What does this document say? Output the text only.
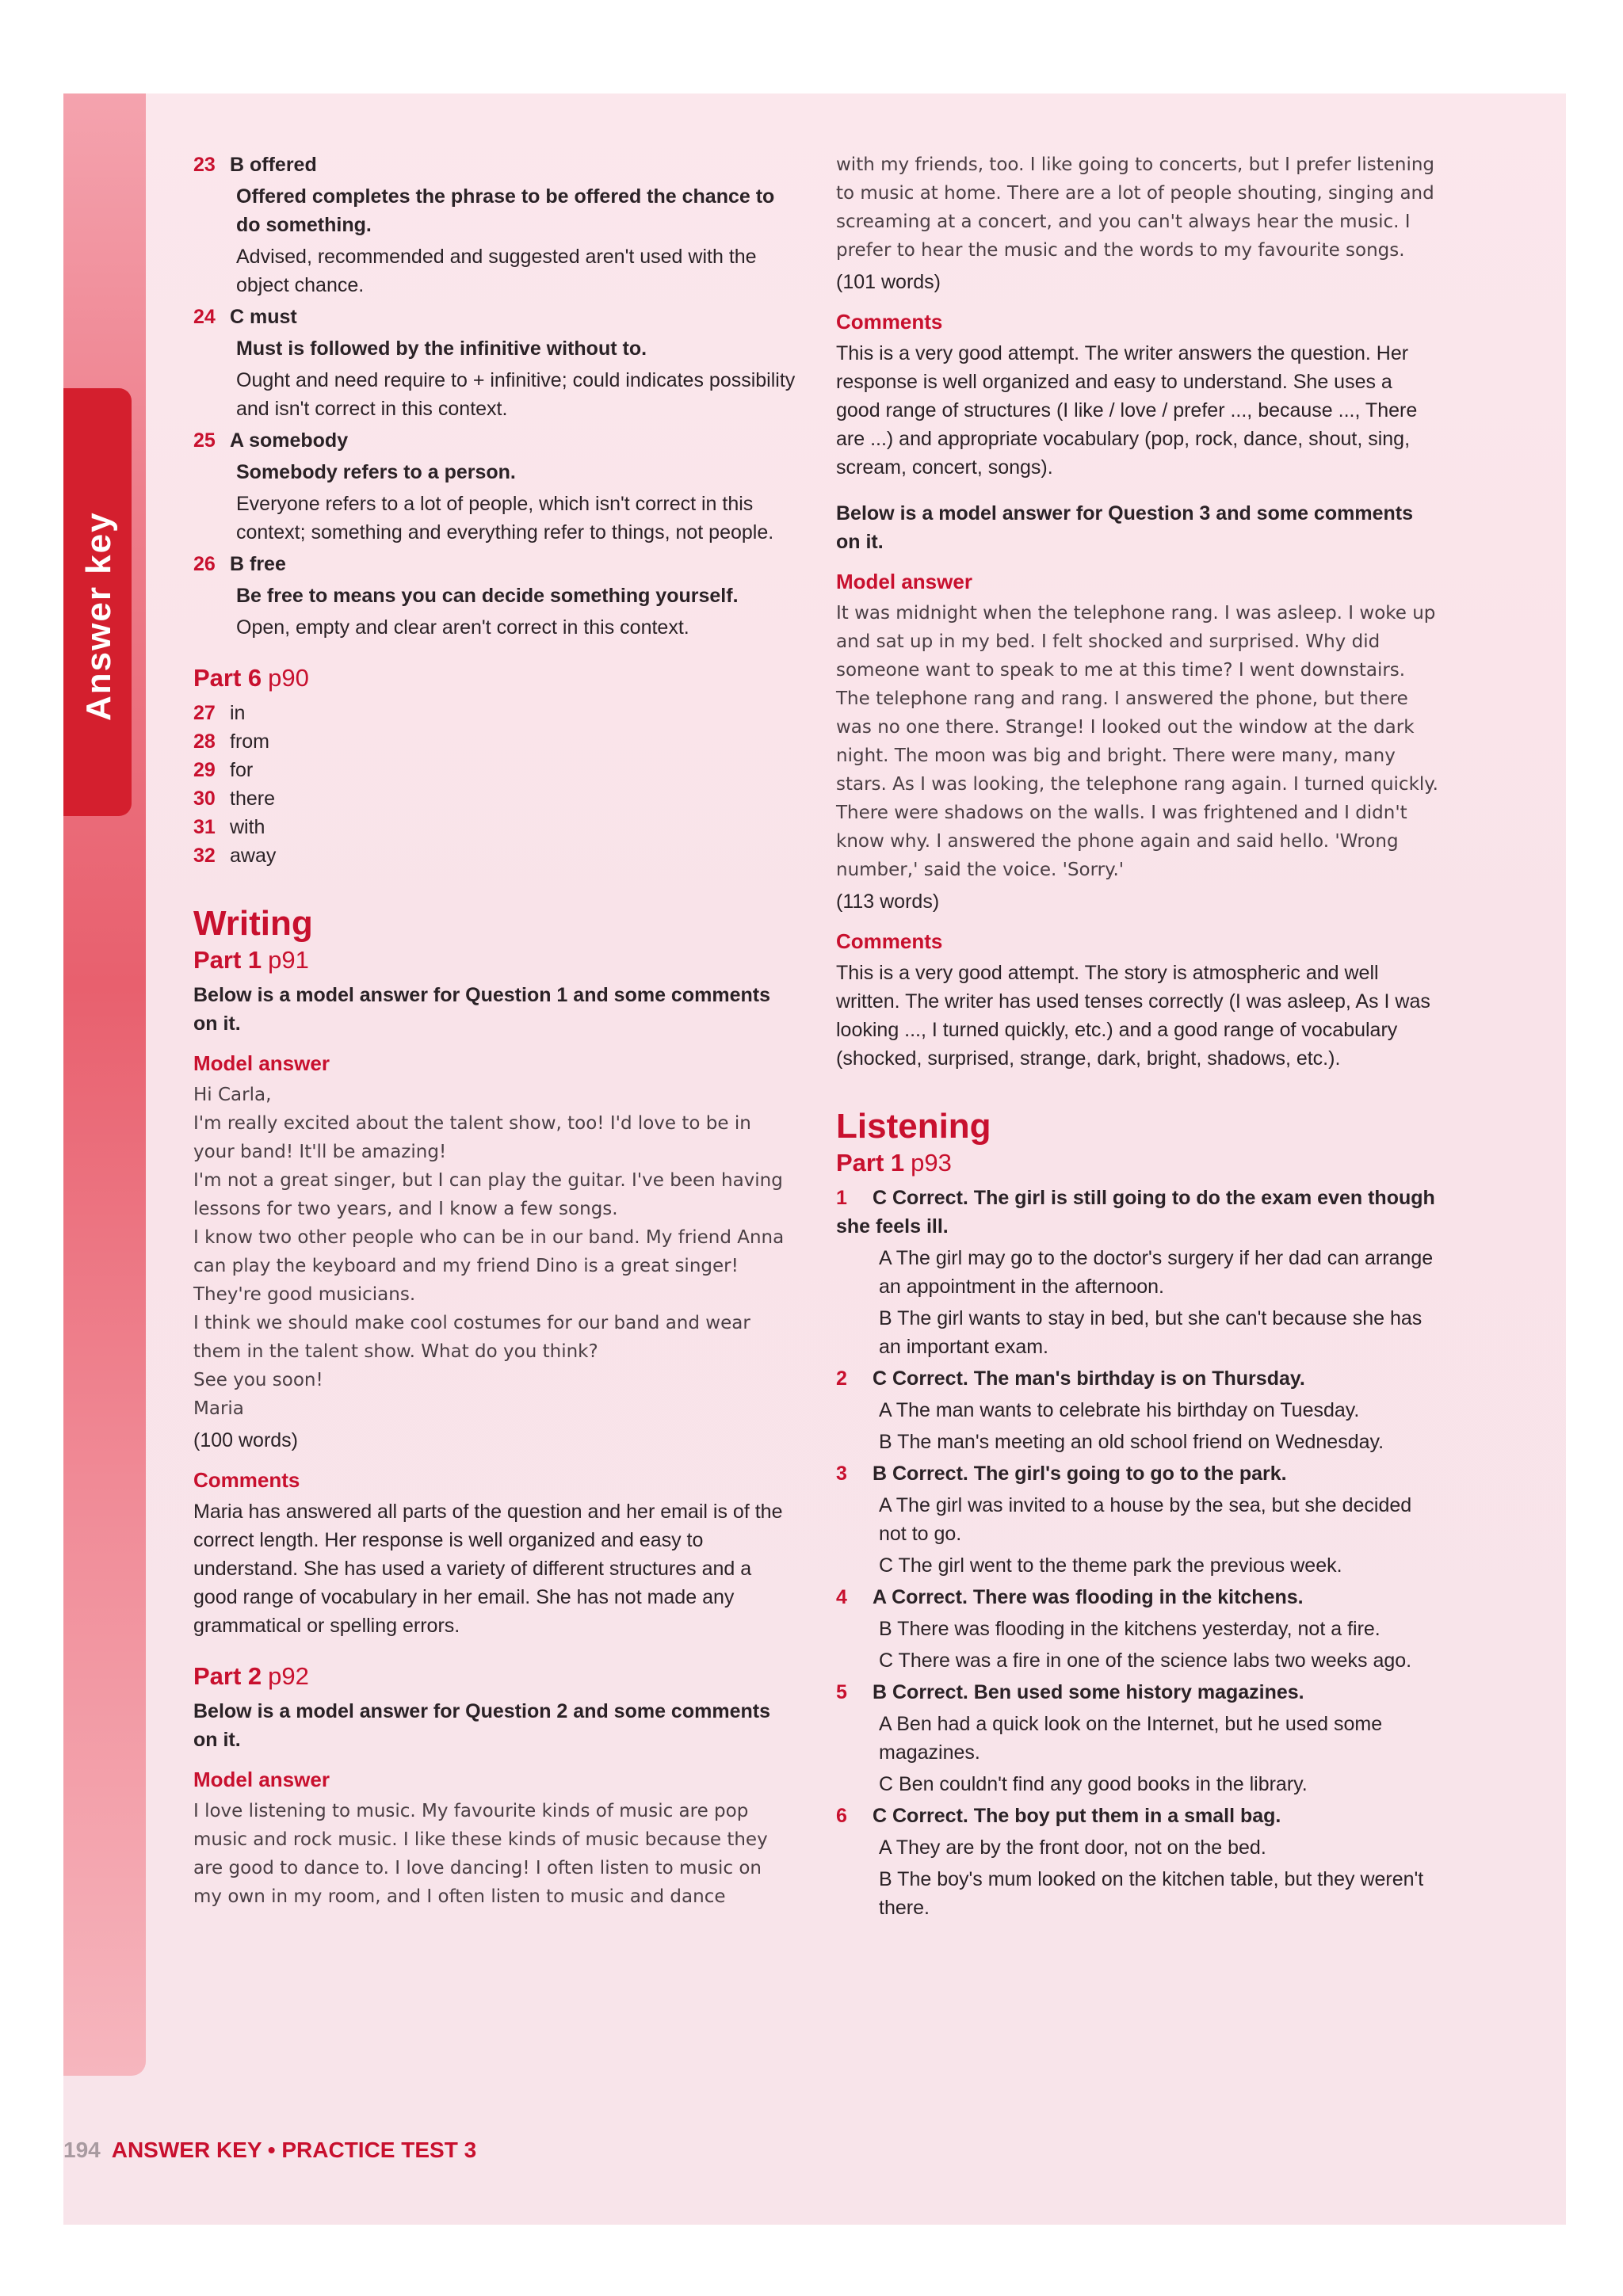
Answer key

23 B offered

Offered completes the phrase to be offered the chance to do something.

Advised, recommended and suggested aren't used with the object chance.

24 C must

Must is followed by the infinitive without to.

Ought and need require to + infinitive; could indicates possibility and isn't correct in this context.

25 A somebody

Somebody refers to a person.

Everyone refers to a lot of people, which isn't correct in this context; something and everything refer to things, not people.

26 B free

Be free to means you can decide something yourself.

Open, empty and clear aren't correct in this context.

Part 6 p90

27 in

28 from

29 for

30 there

31 with

32 away

Writing
Part 1 p91

Below is a model answer for Question 1 and some comments on it.

Model answer

Hi Carla,

I'm really excited about the talent show, too! I'd love to be in your band! It'll be amazing!

I'm not a great singer, but I can play the guitar. I've been having lessons for two years, and I know a few songs.

I know two other people who can be in our band. My friend Anna can play the keyboard and my friend Dino is a great singer! They're good musicians.

I think we should make cool costumes for our band and wear them in the talent show. What do you think?

See you soon!

Maria

(100 words)

Comments

Maria has answered all parts of the question and her email is of the correct length. Her response is well organized and easy to understand. She has used a variety of different structures and a good range of vocabulary in her email. She has not made any grammatical or spelling errors.

Part 2 p92

Below is a model answer for Question 2 and some comments on it.

Model answer

I love listening to music. My favourite kinds of music are pop music and rock music. I like these kinds of music because they are good to dance to. I love dancing! I often listen to music on my own in my room, and I often listen to music and dance

with my friends, too. I like going to concerts, but I prefer listening to music at home. There are a lot of people shouting, singing and screaming at a concert, and you can't always hear the music. I prefer to hear the music and the words to my favourite songs.

(101 words)

Comments

This is a very good attempt. The writer answers the question. Her response is well organized and easy to understand. She uses a good range of structures (I like / love / prefer ..., because ..., There are ...) and appropriate vocabulary (pop, rock, dance, shout, sing, scream, concert, songs).

Below is a model answer for Question 3 and some comments on it.

Model answer

It was midnight when the telephone rang. I was asleep. I woke up and sat up in my bed. I felt shocked and surprised. Why did someone want to speak to me at this time? I went downstairs. The telephone rang and rang. I answered the phone, but there was no one there. Strange! I looked out the window at the dark night. The moon was big and bright. There were many, many stars. As I was looking, the telephone rang again. I turned quickly. There were shadows on the walls. I was frightened and I didn't know why. I answered the phone again and said hello. 'Wrong number,' said the voice. 'Sorry.'

(113 words)

Comments

This is a very good attempt. The story is atmospheric and well written. The writer has used tenses correctly (I was asleep, As I was looking ..., I turned quickly, etc.) and a good range of vocabulary (shocked, surprised, strange, dark, bright, shadows, etc.).

Listening
Part 1 p93

1 C Correct. The girl is still going to do the exam even though she feels ill.

A The girl may go to the doctor's surgery if her dad can arrange an appointment in the afternoon.

B The girl wants to stay in bed, but she can't because she has an important exam.

2 C Correct. The man's birthday is on Thursday.

A The man wants to celebrate his birthday on Tuesday.

B The man's meeting an old school friend on Wednesday.

3 B Correct. The girl's going to go to the park.

A The girl was invited to a house by the sea, but she decided not to go.

C The girl went to the theme park the previous week.

4 A Correct. There was flooding in the kitchens.

B There was flooding in the kitchens yesterday, not a fire.

C There was a fire in one of the science labs two weeks ago.

5 B Correct. Ben used some history magazines.

A Ben had a quick look on the Internet, but he used some magazines.

C Ben couldn't find any good books in the library.

6 C Correct. The boy put them in a small bag.

A They are by the front door, not on the bed.

B The boy's mum looked on the kitchen table, but they weren't there.

194 ANSWER KEY • PRACTICE TEST 3
